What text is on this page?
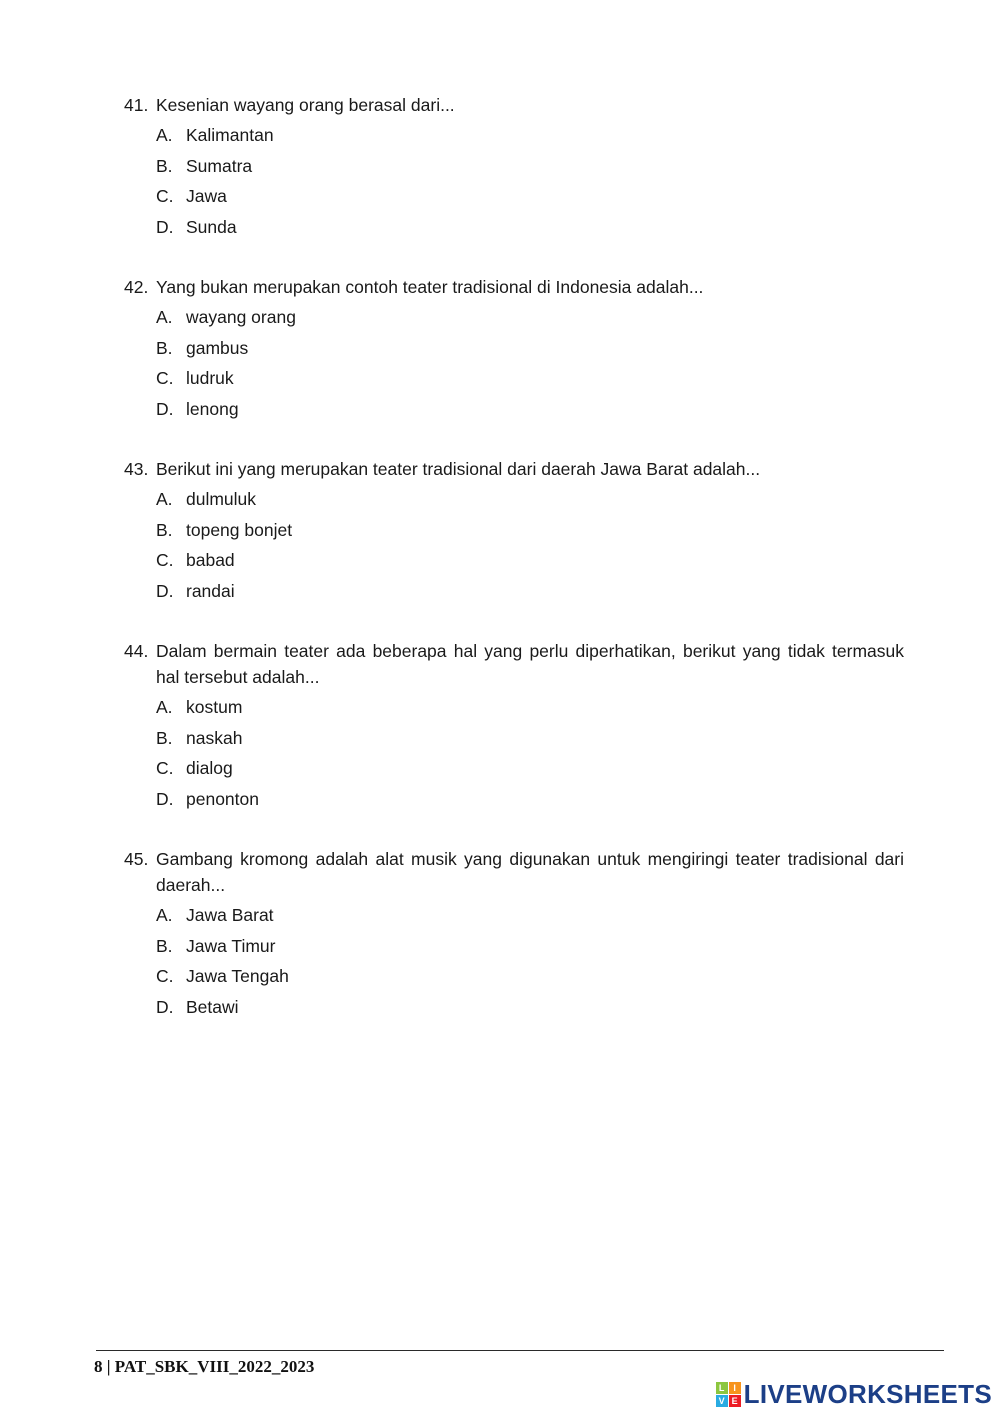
41. Kesenian wayang orang berasal dari...
A. Kalimantan
B. Sumatra
C. Jawa
D. Sunda
42. Yang bukan merupakan contoh teater tradisional di Indonesia adalah...
A. wayang orang
B. gambus
C. ludruk
D. lenong
43. Berikut ini yang merupakan teater tradisional dari daerah Jawa Barat adalah...
A. dulmuluk
B. topeng bonjet
C. babad
D. randai
44. Dalam bermain teater ada beberapa hal yang perlu diperhatikan, berikut yang tidak termasuk hal tersebut adalah...
A. kostum
B. naskah
C. dialog
D. penonton
45. Gambang kromong adalah alat musik yang digunakan untuk mengiringi teater tradisional dari daerah...
A. Jawa Barat
B. Jawa Timur
C. Jawa Tengah
D. Betawi
8 | PAT_SBK_VIII_2022_2023
L I
V E LIVEWORKSHEETS
